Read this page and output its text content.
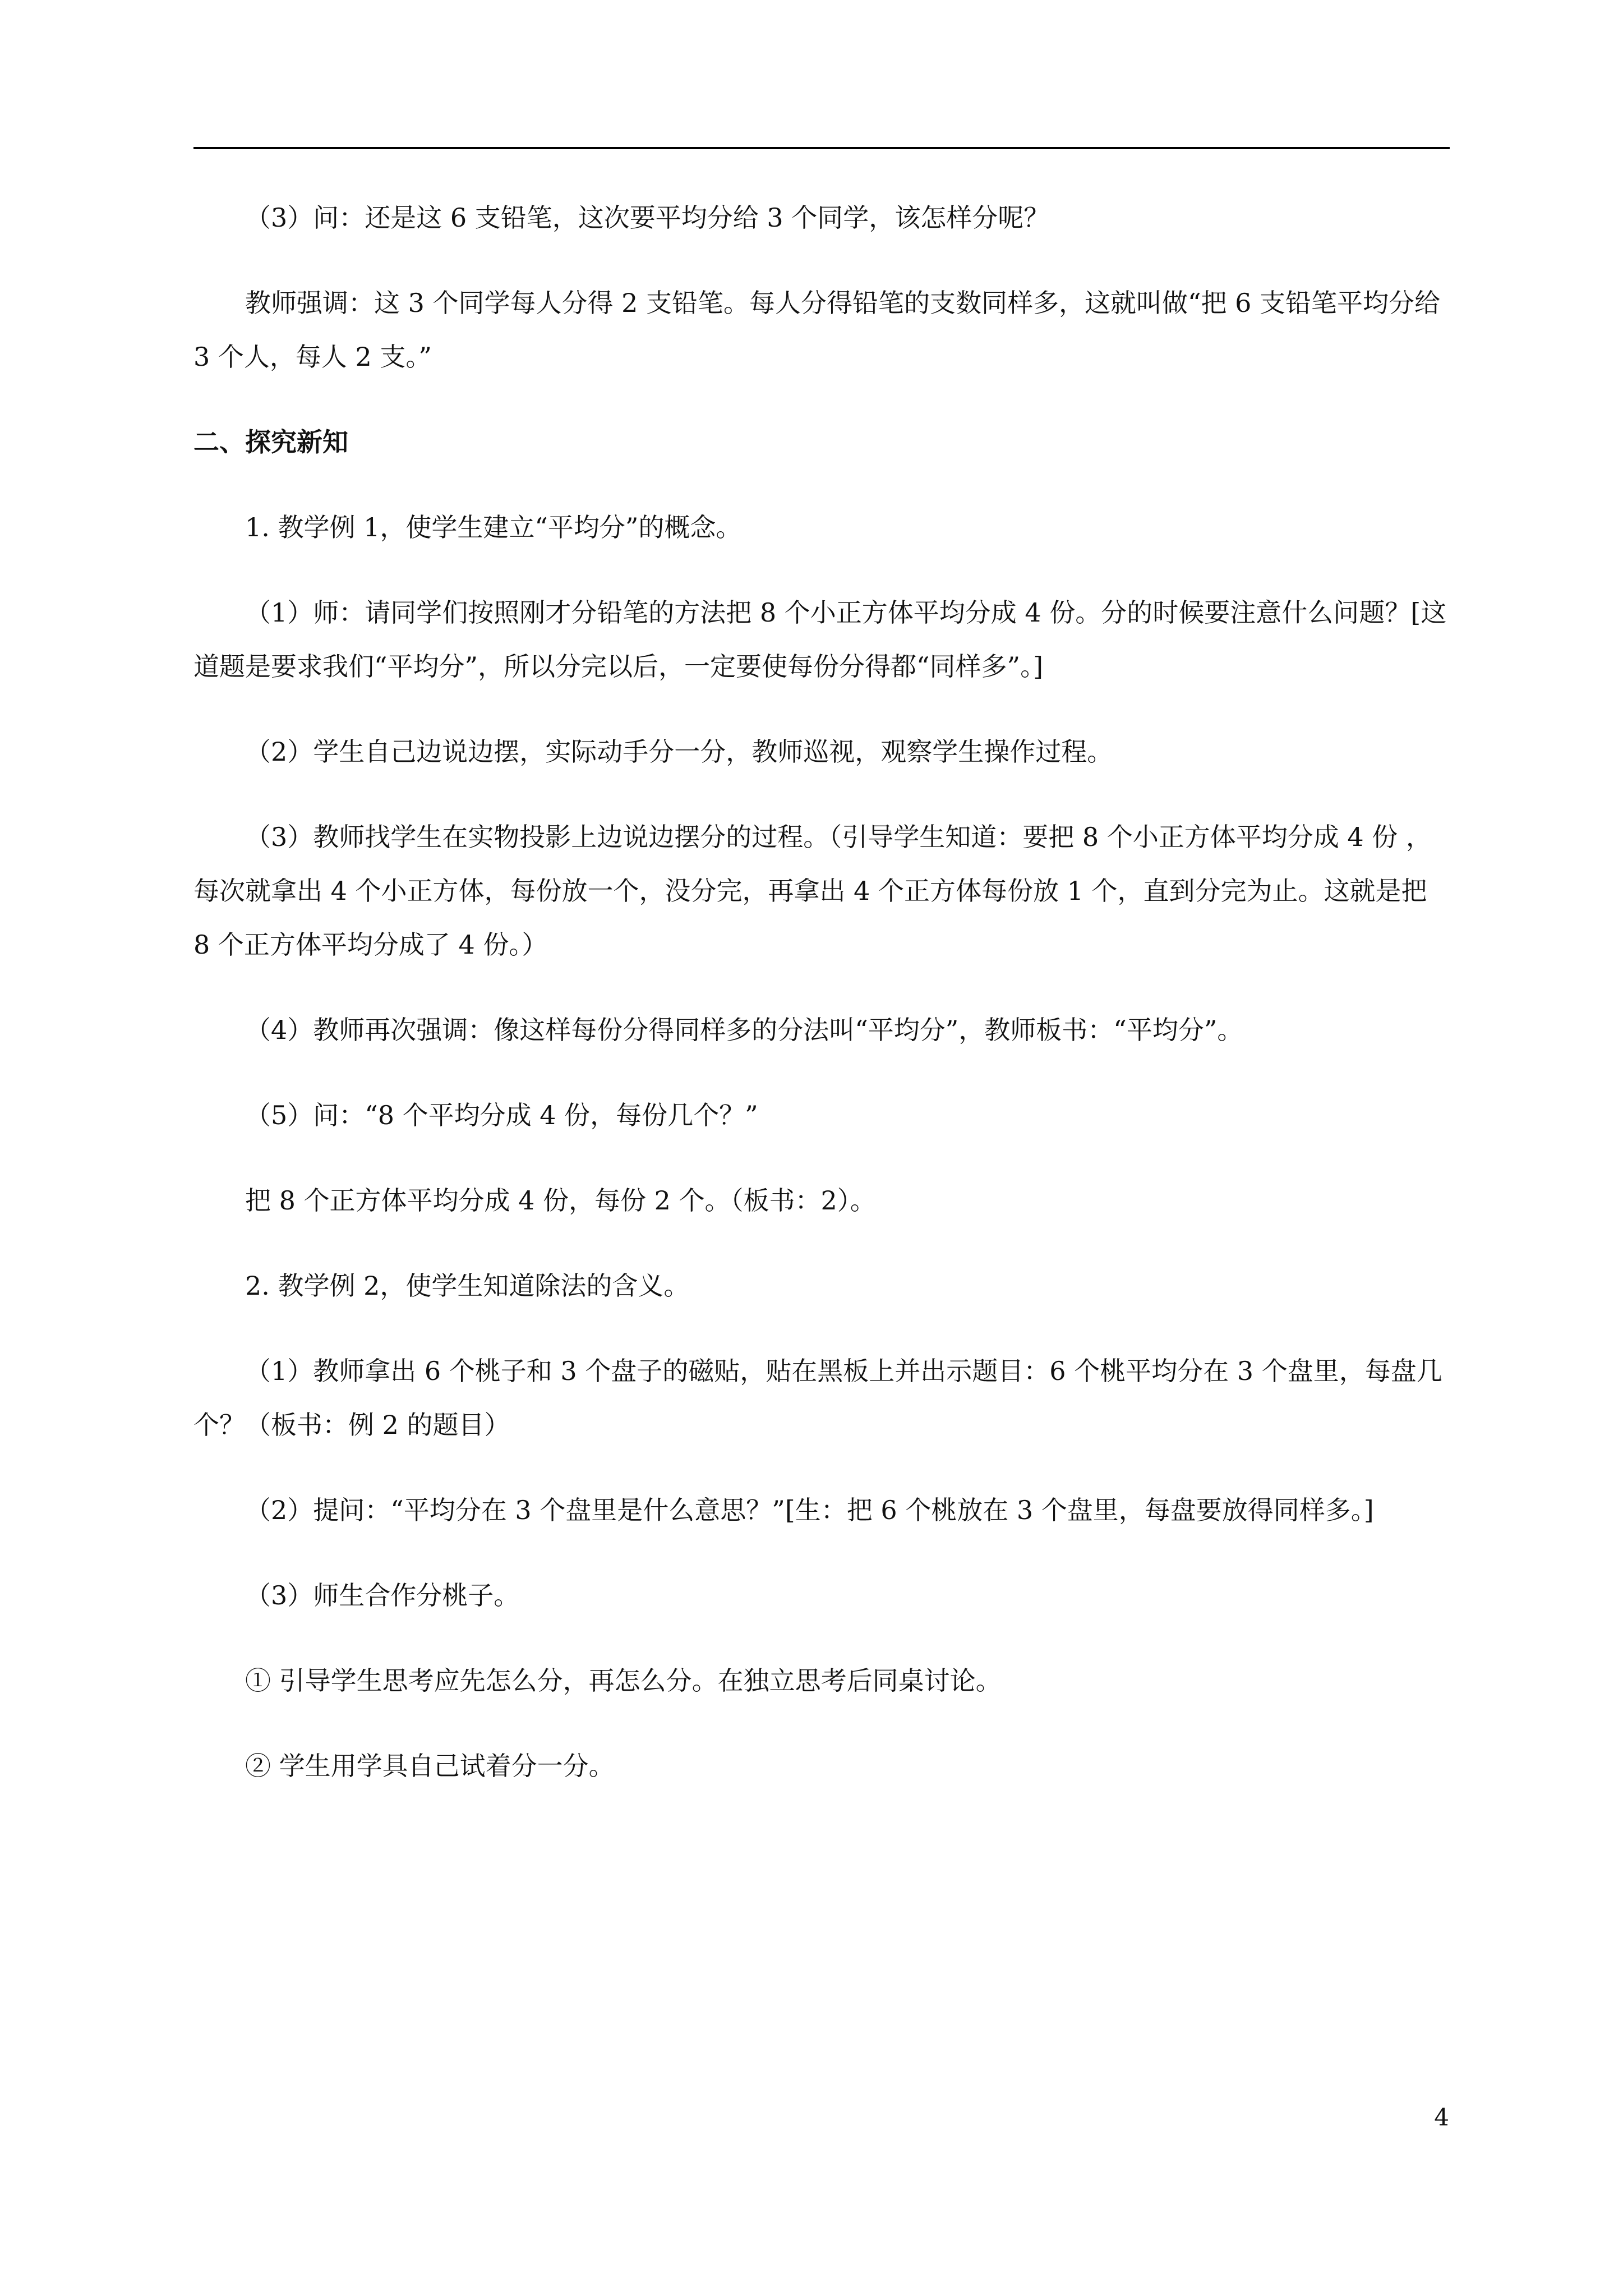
（3）问：还是这 6 支铅笔，这次要平均分给 3 个同学，该怎样分呢？

教师强调：这 3 个同学每人分得 2 支铅笔。每人分得铅笔的支数同样多，这就叫做“把 6 支铅笔平均分给 3 个人，每人 2 支。”

二、探究新知

1. 教学例 1，使学生建立“平均分”的概念。

（1）师：请同学们按照刚才分铅笔的方法把 8 个小正方体平均分成 4 份。分的时候要注意什么问题？[这道题是要求我们“平均分”，所以分完以后，一定要使每份分得都“同样多”。]

（2）学生自己边说边摆，实际动手分一分，教师巡视，观察学生操作过程。

（3）教师找学生在实物投影上边说边摆分的过程。（引导学生知道：要把 8 个小正方体平均分成 4 份 ，每次就拿出 4 个小正方体，每份放一个，没分完，再拿出 4 个正方体每份放 1 个，直到分完为止。这就是把 8 个正方体平均分成了 4 份。）

（4）教师再次强调：像这样每份分得同样多的分法叫“平均分”，教师板书：“平均分”。

（5）问：“8 个平均分成 4 份，每份几个？”

把 8 个正方体平均分成 4 份，每份 2 个。（板书：2）。

2. 教学例 2，使学生知道除法的含义。

（1）教师拿出 6 个桃子和 3 个盘子的磁贴，贴在黑板上并出示题目：6 个桃平均分在 3 个盘里，每盘几个？（板书：例 2 的题目）

（2）提问：“平均分在 3 个盘里是什么意思？”[生：把 6 个桃放在 3 个盘里，每盘要放得同样多。]

（3）师生合作分桃子。

① 引导学生思考应先怎么分，再怎么分。在独立思考后同桌讨论。

② 学生用学具自己试着分一分。

4
